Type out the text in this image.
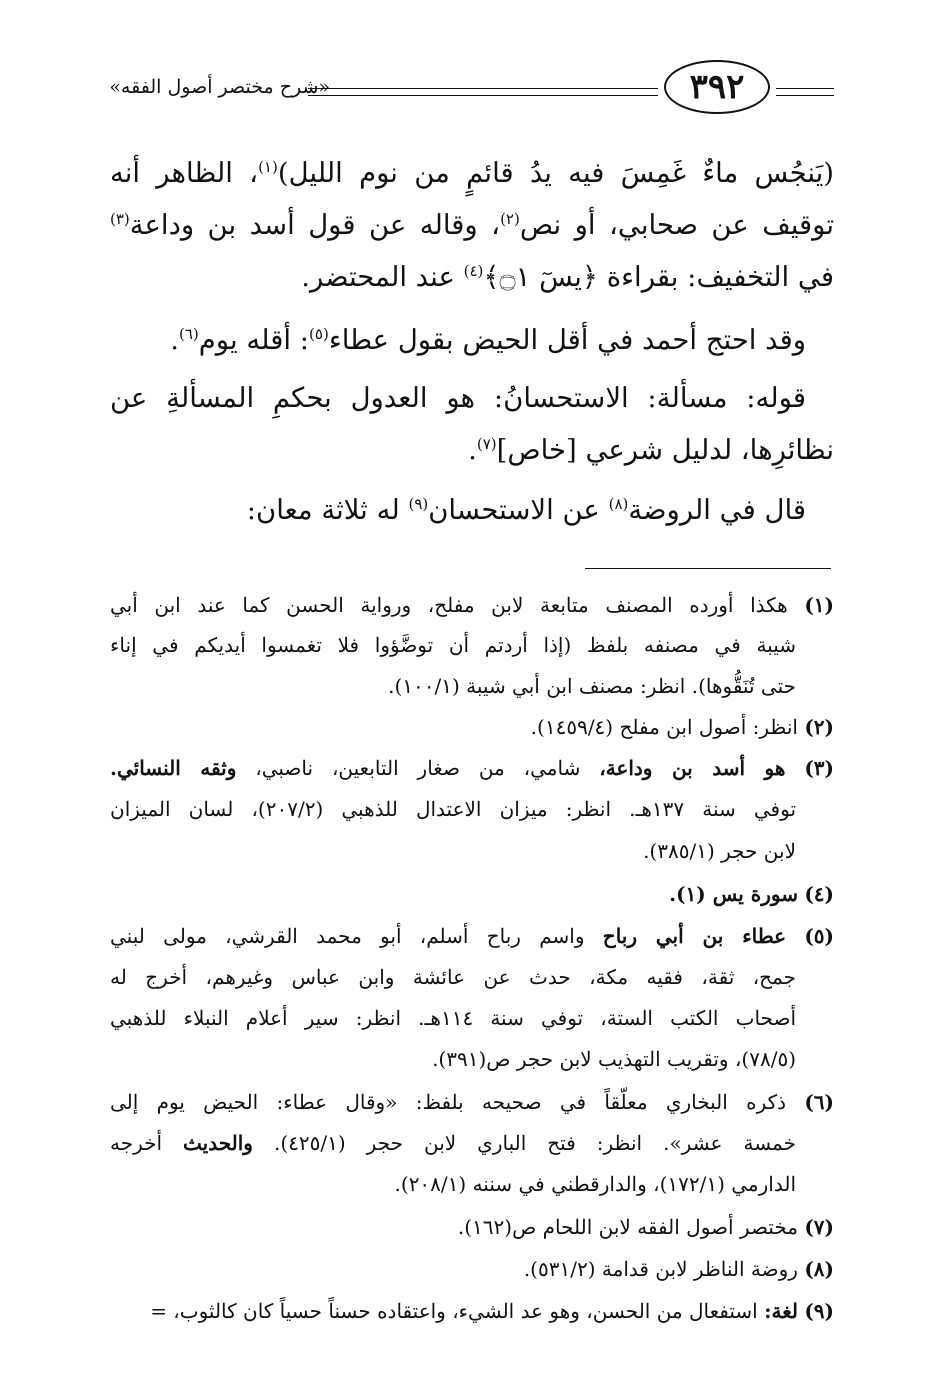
«شرح مختصر أصول الفقه»	٣٩٢
(يَنجُس ماءٌ غَمِسَ فيه يدُ قائمٍ من نوم الليل)$^{(١)}$، الظاهر أنه
توقيف عن صحابي، أو نص$^{(٢)}$، وقاله عن قول أسد بن وداعة$^{(٣)}$
في التخفيف: بقراءة ﴿يسٓ ۝١﴾$^{(٤)}$ عند المحتضر.
وقد احتج أحمد في أقل الحيض بقول عطاء$^{(٥)}$: أقله يوم$^{(٦)}$.
قوله: مسألة: الاستحسانُ: هو العدول بحكمِ المسألةِ عن
نظائرِها، لدليل شرعي [خاص]$^{(٧)}$.
قال في الروضة$^{(٨)}$ عن الاستحسان$^{(٩)}$ له ثلاثة معان:
(١) هكذا أورده المصنف متابعة لابن مفلح، ورواية الحسن كما عند ابن أبي
شيبة في مصنفه بلفظ (إذا أردتم أن توضَّؤوا فلا تغمسوا أيديكم في إناء
حتى تُنَقُّوها). انظر: مصنف ابن أبي شيبة (١٠٠/١).
(٢) انظر: أصول ابن مفلح (١٤٥٩/٤).
(٣) هو أسد بن وداعة، شامي، من صغار التابعين، ناصبي، وثقه النسائي.
توفي سنة ١٣٧هـ. انظر: ميزان الاعتدال للذهبي (٢٠٧/٢)، لسان الميزان
لابن حجر (٣٨٥/١).
(٤) سورة يس (١).
(٥) عطاء بن أبي رباح واسم رباح أسلم، أبو محمد القرشي، مولى لبني
جمح، ثقة، فقيه مكة، حدث عن عائشة وابن عباس وغيرهم، أخرج له
أصحاب الكتب الستة، توفي سنة ١١٤هـ. انظر: سير أعلام النبلاء للذهبي
(٧٨/٥)، وتقريب التهذيب لابن حجر ص(٣٩١).
(٦) ذكره البخاري معلّقاً في صحيحه بلفظ: «وقال عطاء: الحيض يوم إلى
خمسة عشر». انظر: فتح الباري لابن حجر (٤٢٥/١). والحديث أخرجه
الدارمي (١٧٢/١)، والدارقطني في سننه (٢٠٨/١).
(٧) مختصر أصول الفقه لابن اللحام ص(١٦٢).
(٨) روضة الناظر لابن قدامة (٥٣١/٢).
(٩) لغة: استفعال من الحسن، وهو عد الشيء، واعتقاده حسناً حسياً كان كالثوب، =
